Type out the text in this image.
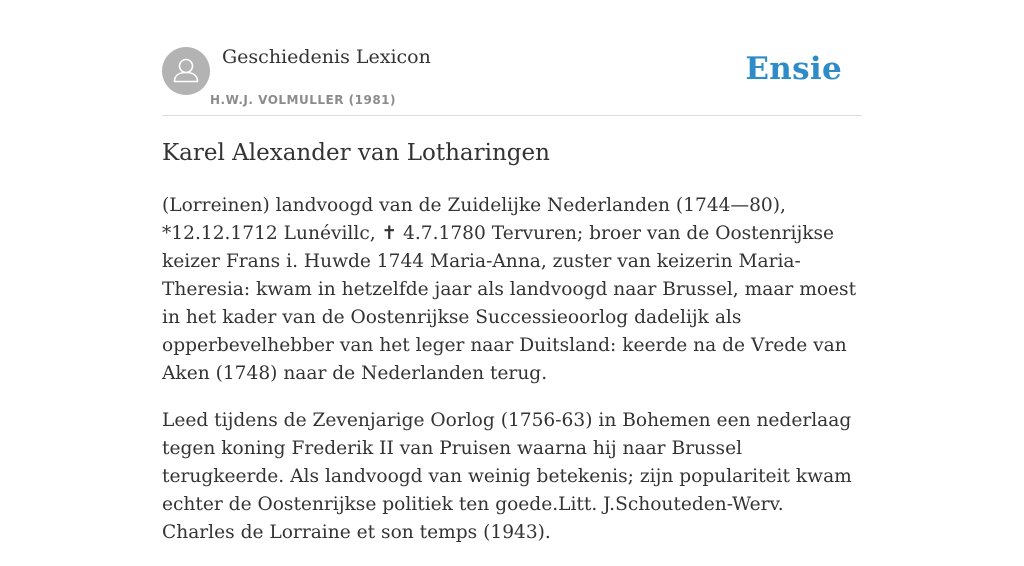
Geschiedenis Lexicon
H.W.J. VOLMULLER (1981)
Ensie
Karel Alexander van Lotharingen

(Lorreinen) landvoogd van de Zuidelijke Nederlanden (1744—80), *12.12.1712 Lunévillc, ✝ 4.7.1780 Tervuren; broer van de Oostenrijkse keizer Frans i. Huwde 1744 Maria-Anna, zuster van keizerin Maria-Theresia: kwam in hetzelfde jaar als landvoogd naar Brussel, maar moest in het kader van de Oostenrijkse Successieoorlog dadelijk als opperbevelhebber van het leger naar Duitsland: keerde na de Vrede van Aken (1748) naar de Nederlanden terug.

Leed tijdens de Zevenjarige Oorlog (1756-63) in Bohemen een nederlaag tegen koning Frederik II van Pruisen waarna hij naar Brussel terugkeerde. Als landvoogd van weinig betekenis; zijn populariteit kwam echter de Oostenrijkse politiek ten goede.Litt. J.Schouteden-Werv. Charles de Lorraine et son temps (1943).
